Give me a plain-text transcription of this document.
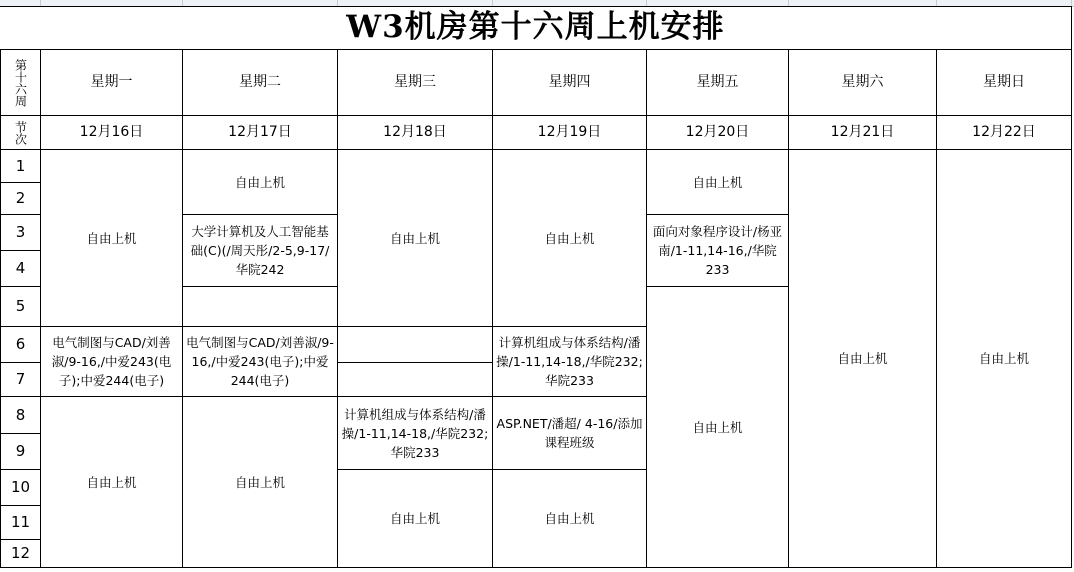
W3机房第十六周上机安排
第十六周
节次
星期一
12月16日
星期二
12月17日
星期三
12月18日
星期四
12月19日
星期五
12月20日
星期六
12月21日
星期日
12月22日
1
2
3
4
5
6
7
8
9
10
11
12
自由上机
电气制图与CAD/刘善淑/9-16,/中爱243(电子);中爱244(电子)
自由上机
自由上机
大学计算机及人工智能基础(C)(/周天彤/2-5,9-17/华院242
电气制图与CAD/刘善淑/9-16,/中爱243(电子);中爱244(电子)
自由上机
自由上机
计算机组成与体系结构/潘操/1-11,14-18,/华院232;华院233
自由上机
自由上机
计算机组成与体系结构/潘操/1-11,14-18,/华院232;华院233
ASP.NET/潘超/ 4-16/添加课程班级
自由上机
自由上机
面向对象程序设计/杨亚南/1-11,14-16,/华院233
自由上机
自由上机	自由上机
